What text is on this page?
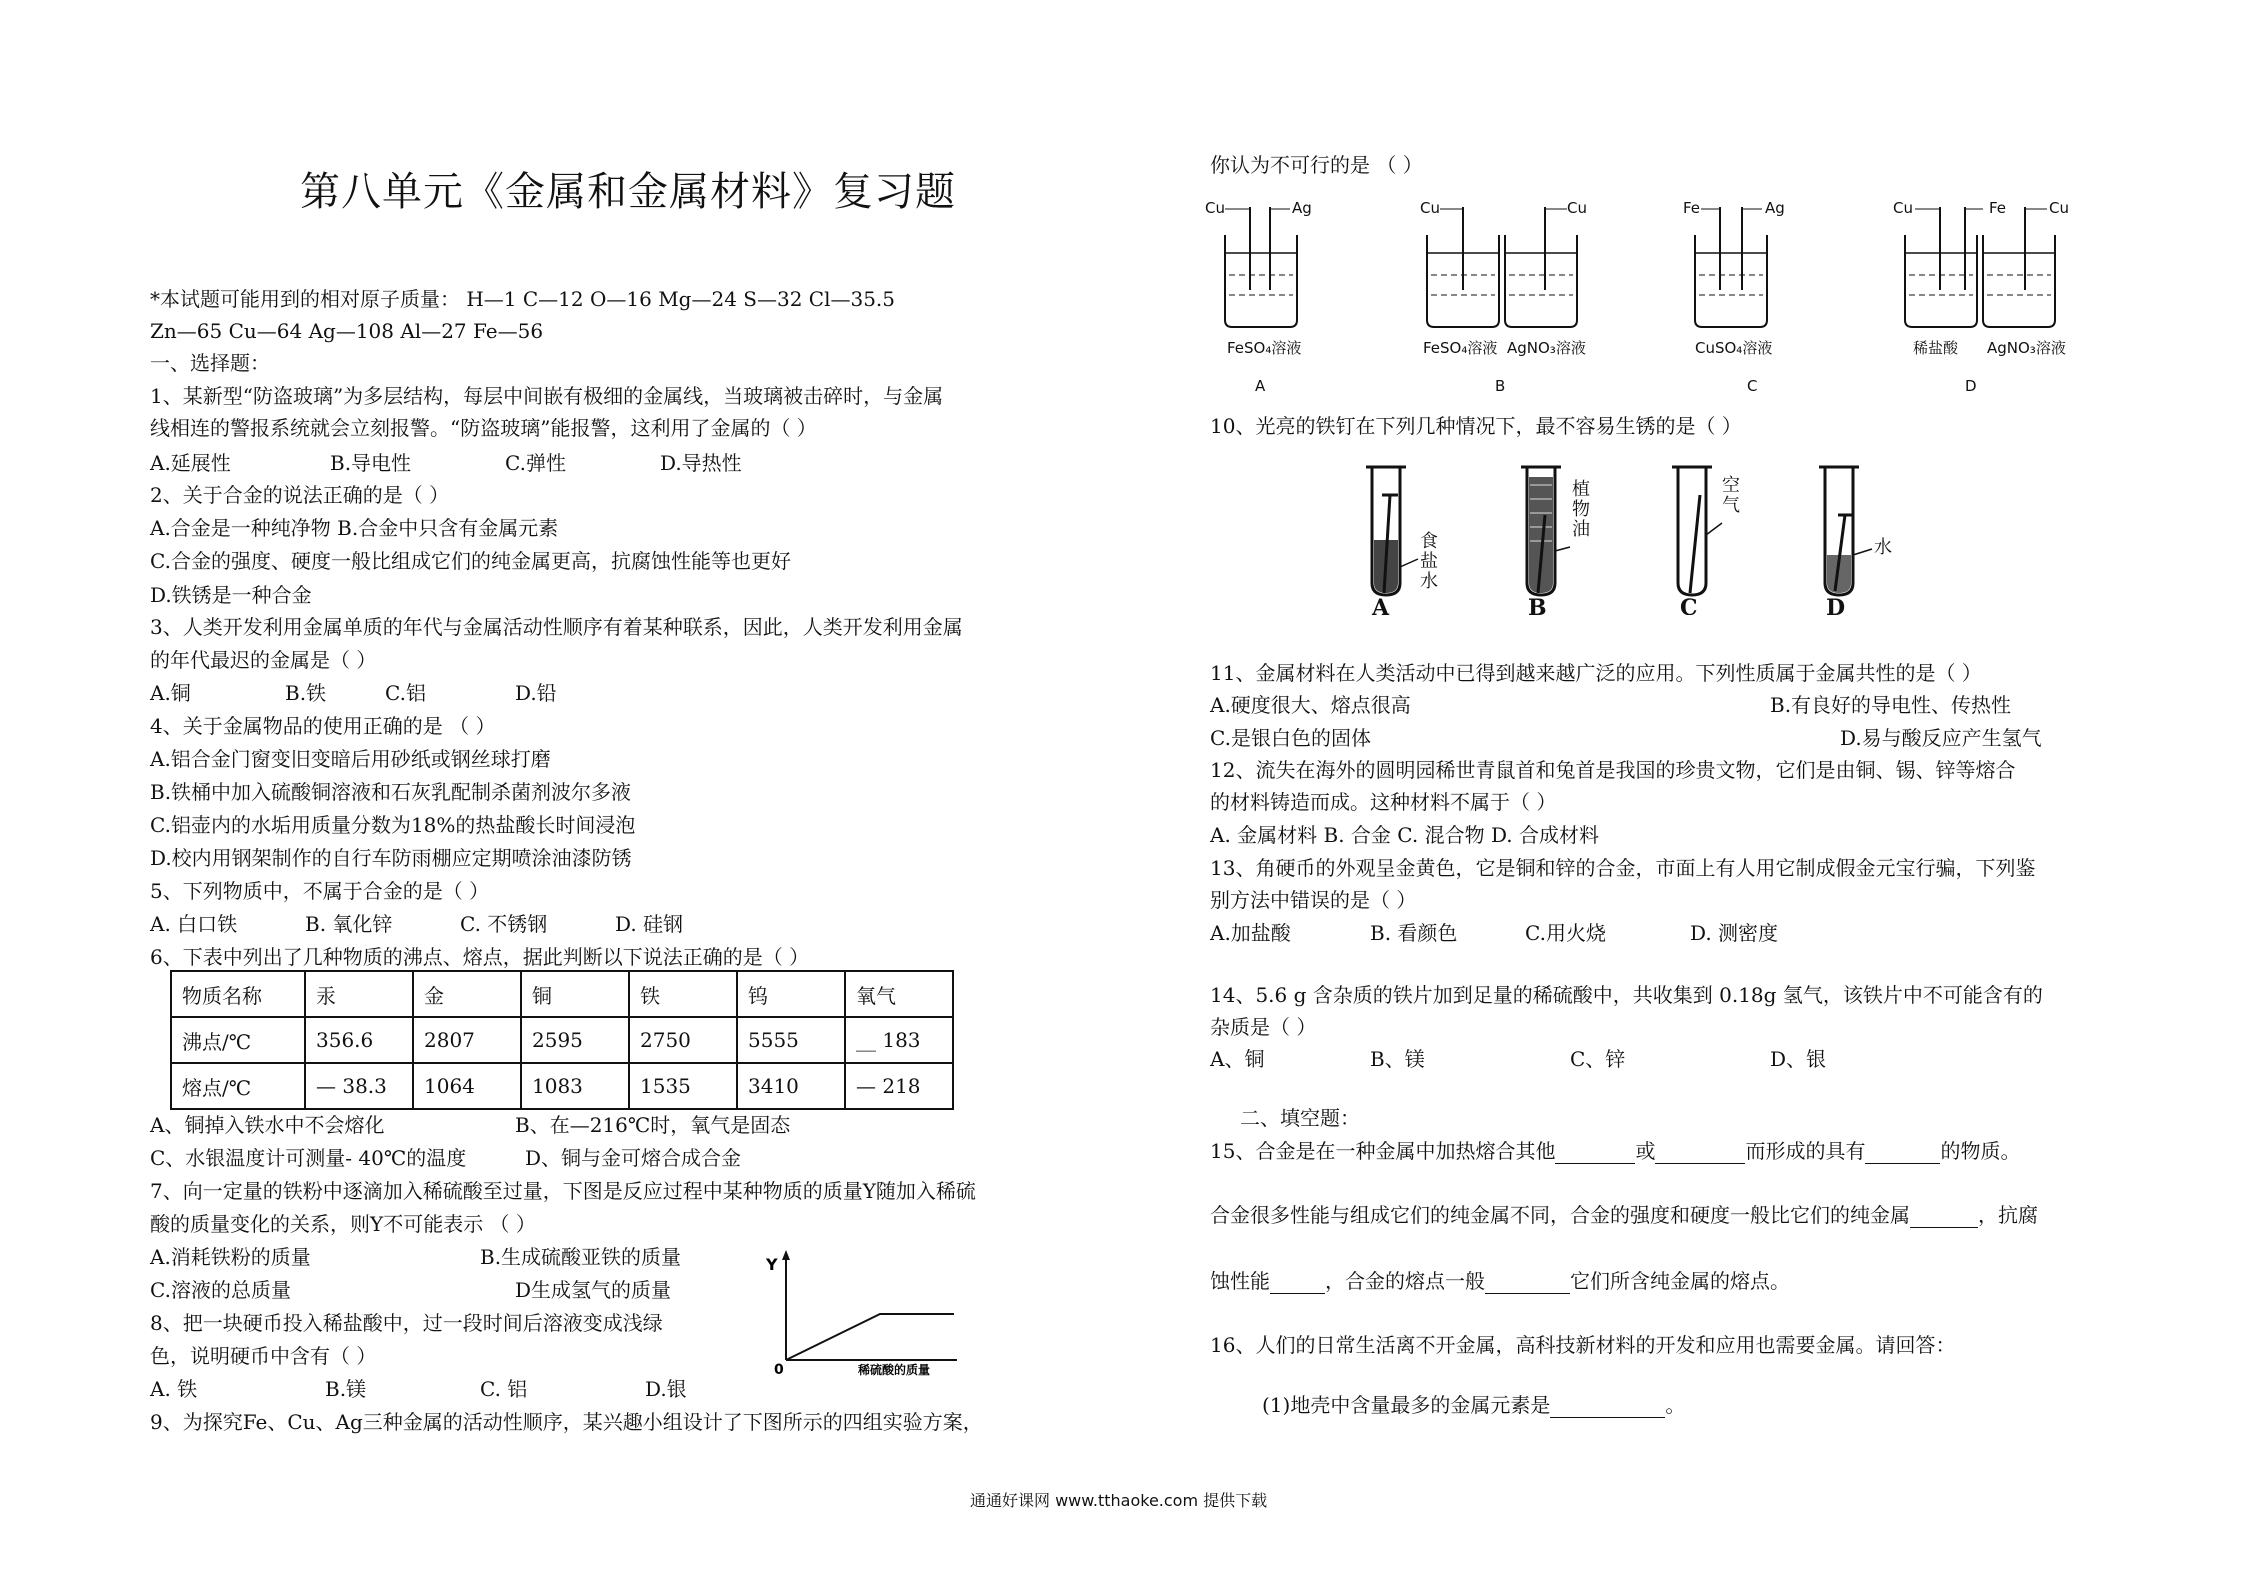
第八单元《金属和金属材料》复习题
*本试题可能用到的相对原子质量： H—1 C—12 O—16 Mg—24 S—32 Cl—35.5
Zn—65 Cu—64 Ag—108 Al—27 Fe—56
一、选择题：
1、某新型“防盗玻璃”为多层结构，每层中间嵌有极细的金属线，当玻璃被击碎时，与金属
线相连的警报系统就会立刻报警。“防盗玻璃”能报警，这利用了金属的（ ）
A.延展性	B.导电性	C.弹性	D.导热性
2、关于合金的说法正确的是（ ）
A.合金是一种纯净物 B.合金中只含有金属元素
C.合金的强度、硬度一般比组成它们的纯金属更高，抗腐蚀性能等也更好
D.铁锈是一种合金
3、人类开发利用金属单质的年代与金属活动性顺序有着某种联系，因此，人类开发利用金属
的年代最迟的金属是（ ）
A.铜	B.铁	C.铝	D.铅
4、关于金属物品的使用正确的是 （ ）
A.铝合金门窗变旧变暗后用砂纸或钢丝球打磨
B.铁桶中加入硫酸铜溶液和石灰乳配制杀菌剂波尔多液
C.铝壶内的水垢用质量分数为18%的热盐酸长时间浸泡
D.校内用钢架制作的自行车防雨棚应定期喷涂油漆防锈
5、下列物质中，不属于合金的是（ ）
A. 白口铁	B. 氧化锌	C. 不锈钢	D. 硅钢
6、下表中列出了几种物质的沸点、熔点，据此判断以下说法正确的是（ ）
物质名称	汞	金	铜	铁	钨	氧气
沸点/℃	356.6	2807	2595	2750	5555	__ 183
熔点/℃	— 38.3	1064	1083	1535	3410	— 218
A、铜掉入铁水中不会熔化	B、在—216℃时，氧气是固态
C、水银温度计可测量- 40℃的温度	D、铜与金可熔合成合金
7、向一定量的铁粉中逐滴加入稀硫酸至过量，下图是反应过程中某种物质的质量Y随加入稀硫
酸的质量变化的关系，则Y不可能表示 （ ）
A.消耗铁粉的质量	B.生成硫酸亚铁的质量
C.溶液的总质量	D生成氢气的质量
Y
0	稀硫酸的质量
8、把一块硬币投入稀盐酸中，过一段时间后溶液变成浅绿
色，说明硬币中含有（ ）
A. 铁	B.镁	C. 铝	D.银
9、为探究Fe、Cu、Ag三种金属的活动性顺序，某兴趣小组设计了下图所示的四组实验方案，
你认为不可行的是 （ ）
Cu	Ag
FeSO₄溶液
A
Cu	Cu
FeSO₄溶液 AgNO₃溶液
B
Fe	Ag
CuSO₄溶液
C
Cu	Fe	Cu
稀盐酸 AgNO₃溶液
D
10、光亮的铁钉在下列几种情况下，最不容易生锈的是（ ）
食盐水
A
植物油
B
空气
C
水
D
11、金属材料在人类活动中已得到越来越广泛的应用。下列性质属于金属共性的是（ ）
A.硬度很大、熔点很高	B.有良好的导电性、传热性
C.是银白色的固体	D.易与酸反应产生氢气
12、流失在海外的圆明园稀世青鼠首和兔首是我国的珍贵文物，它们是由铜、锡、锌等熔合
的材料铸造而成。这种材料不属于（ ）
A. 金属材料 B. 合金 C. 混合物 D. 合成材料
13、角硬币的外观呈金黄色，它是铜和锌的合金，市面上有人用它制成假金元宝行骗，下列鉴
别方法中错误的是（ ）
A.加盐酸	B. 看颜色	C.用火烧	D. 测密度
14、5.6 g 含杂质的铁片加到足量的稀硫酸中，共收集到 0.18g 氢气，该铁片中不可能含有的
杂质是（ ）
A、铜	B、镁	C、锌	D、银
二、填空题：
15、合金是在一种金属中加热熔合其他	或	而形成的具有	的物质。
合金很多性能与组成它们的纯金属不同，合金的强度和硬度一般比它们的纯金属	，抗腐
蚀性能	，合金的熔点一般	它们所含纯金属的熔点。
16、人们的日常生活离不开金属，高科技新材料的开发和应用也需要金属。请回答：
(1)地壳中含量最多的金属元素是	。
通通好课网 www.tthaoke.com 提供下载
